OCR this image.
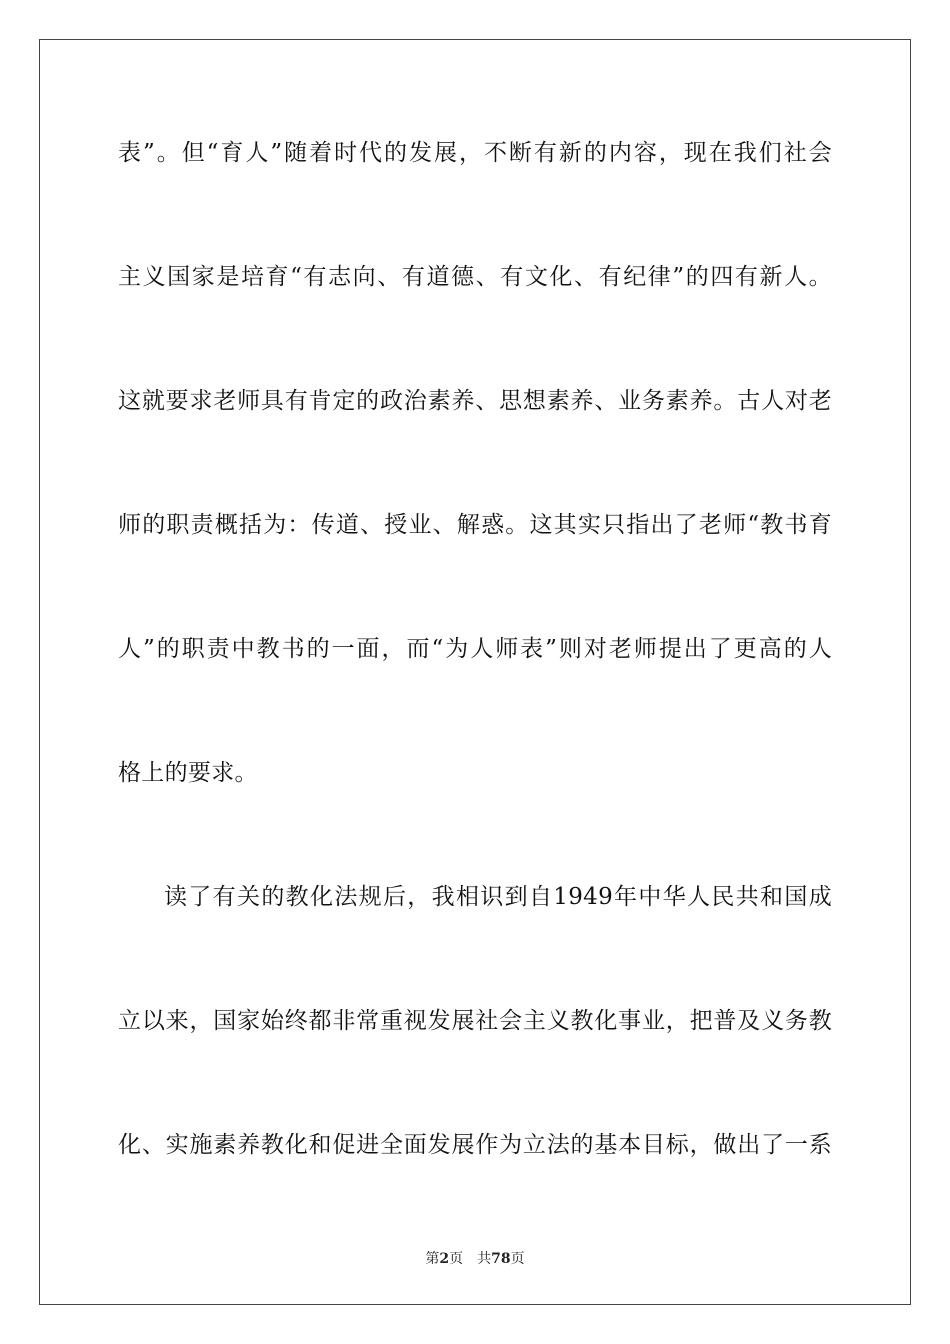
表”。但“育人”随着时代的发展，不断有新的内容，现在我们社会
主义国家是培育“有志向、有道德、有文化、有纪律”的四有新人。
这就要求老师具有肯定的政治素养、思想素养、业务素养。古人对老
师的职责概括为：传道、授业、解惑。这其实只指出了老师“教书育
人”的职责中教书的一面，而“为人师表”则对老师提出了更高的人
格上的要求。
读了有关的教化法规后，我相识到自1949年中华人民共和国成
立以来，国家始终都非常重视发展社会主义教化事业，把普及义务教
化、实施素养教化和促进全面发展作为立法的基本目标，做出了一系
第2页 共78页
